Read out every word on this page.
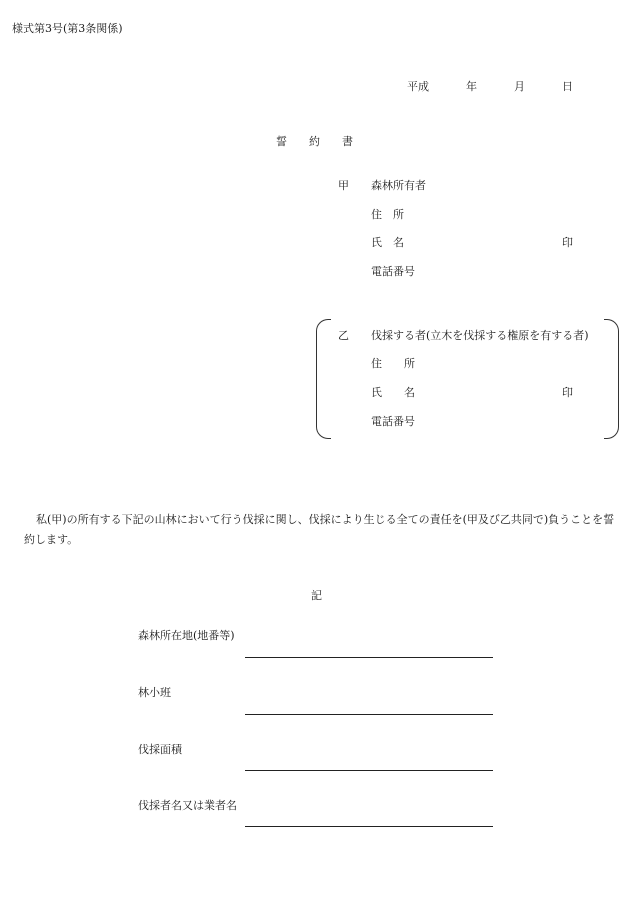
様式第3号(第3条関係)
平成	年	月	日
誓 約 書
甲 森林所有者
住 所
氏 名	印
電話番号
乙 伐採する者(立木を伐採する権原を有する者)
住 所
氏 名	印
電話番号
私(甲)の所有する下記の山林において行う伐採に関し、伐採により生じる全ての責任を(甲及び乙共同で)負うことを誓約します。
記
森林所在地(地番等)
林小班
伐採面積
伐採者名又は業者名
